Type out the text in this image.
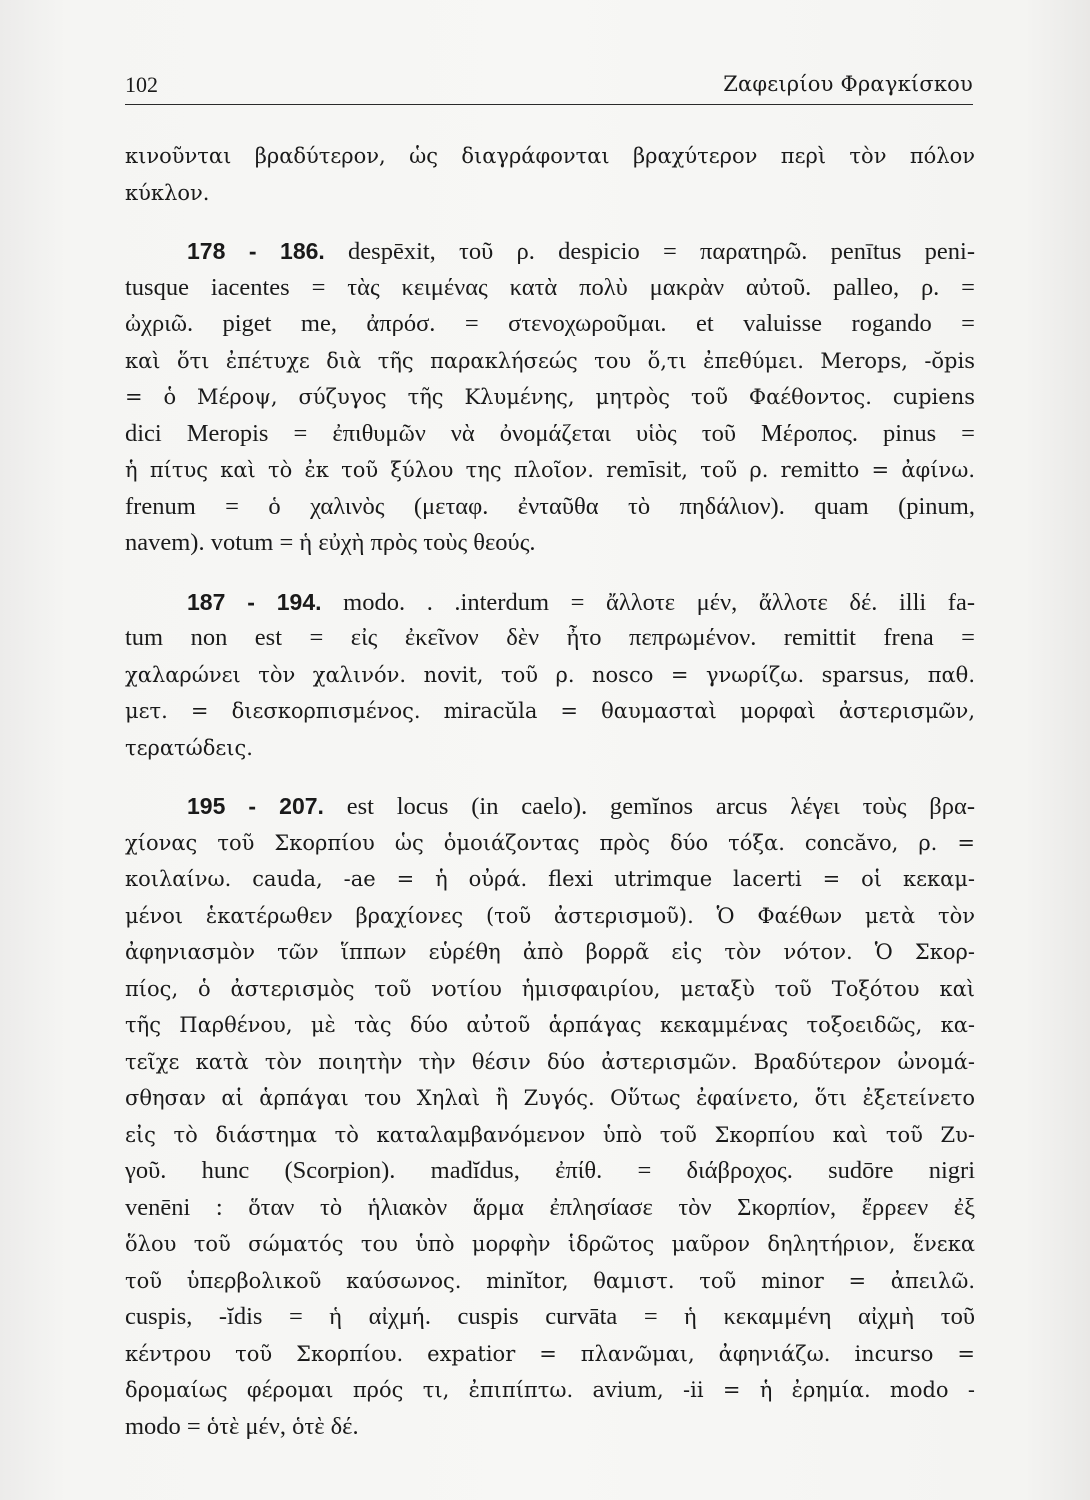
102	Ζαφειρίου Φραγκίσκου
κινοῦνται βραδύτερον, ὡς διαγράφονται βραχύτερον περὶ τὸν πόλον
κύκλον.
178 - 186. despēxit, τοῦ ρ. despicio = παρατηρῶ. penītus peni-
tusque iacentes = τὰς κειμένας κατὰ πολὺ μακρὰν αὐτοῦ. palleo, ρ. =
ὠχριῶ. piget me, ἀπρόσ. = στενοχωροῦμαι. et valuisse rogando =
καὶ ὅτι ἐπέτυχε διὰ τῆς παρακλήσεώς του ὅ,τι ἐπεθύμει. Merops, -ŏpis
= ὁ Μέροψ, σύζυγος τῆς Κλυμένης, μητρὸς τοῦ Φαέθοντος. cupiens
dici Meropis = ἐπιθυμῶν νὰ ὀνομάζεται υἱὸς τοῦ Μέροπος. pinus =
ἡ πίτυς καὶ τὸ ἐκ τοῦ ξύλου της πλοῖον. remīsit, τοῦ ρ. remitto = ἀφίνω.
frenum = ὁ χαλινὸς (μεταφ. ἐνταῦθα τὸ πηδάλιον). quam (pinum,
navem). votum = ἡ εὐχὴ πρὸς τοὺς θεούς.
187 - 194. modo. . .interdum = ἄλλοτε μέν, ἄλλοτε δέ. illi fa-
tum non est = εἰς ἐκεῖνον δὲν ἦτο πεπρωμένον. remittit frena =
χαλαρώνει τὸν χαλινόν. novit, τοῦ ρ. nosco = γνωρίζω. sparsus, παθ.
μετ. = διεσκορπισμένος. miracŭla = θαυμασταὶ μορφαὶ ἀστερισμῶν,
τερατώδεις.
195 - 207. est locus (in caelo). gemĭnos arcus λέγει τοὺς βρα-
χίονας τοῦ Σκορπίου ὡς ὁμοιάζοντας πρὸς δύο τόξα. concăvo, ρ. =
κοιλαίνω. cauda, -ae = ἡ οὐρά. flexi utrimque lacerti = οἱ κεκαμ-
μένοι ἑκατέρωθεν βραχίονες (τοῦ ἀστερισμοῦ). Ὁ Φαέθων μετὰ τὸν
ἀφηνιασμὸν τῶν ἵππων εὑρέθη ἀπὸ βορρᾶ εἰς τὸν νότον. Ὁ Σκορ-
πίος, ὁ ἀστερισμὸς τοῦ νοτίου ἡμισφαιρίου, μεταξὺ τοῦ Τοξότου καὶ
τῆς Παρθένου, μὲ τὰς δύο αὐτοῦ ἁρπάγας κεκαμμένας τοξοειδῶς, κα-
τεῖχε κατὰ τὸν ποιητὴν τὴν θέσιν δύο ἀστερισμῶν. Βραδύτερον ὠνομά-
σθησαν αἱ ἁρπάγαι του Χηλαὶ ἢ Ζυγός. Οὕτως ἐφαίνετο, ὅτι ἐξετείνετο
εἰς τὸ διάστημα τὸ καταλαμβανόμενον ὑπὸ τοῦ Σκορπίου καὶ τοῦ Ζυ-
γοῦ. hunc (Scorpion). madĭdus, ἐπίθ. = διάβροχος. sudōre nigri
venēni : ὅταν τὸ ἡλιακὸν ἅρμα ἐπλησίασε τὸν Σκορπίον, ἔρρεεν ἐξ
ὅλου τοῦ σώματός του ὑπὸ μορφὴν ἱδρῶτος μαῦρον δηλητήριον, ἕνεκα
τοῦ ὑπερβολικοῦ καύσωνος. minĭtor, θαμιστ. τοῦ minor = ἀπειλῶ.
cuspis, -ĭdis = ἡ αἰχμή. cuspis curvāta = ἡ κεκαμμένη αἰχμὴ τοῦ
κέντρου τοῦ Σκορπίου. expatior = πλανῶμαι, ἀφηνιάζω. incurso =
δρομαίως φέρομαι πρός τι, ἐπιπίπτω. avium, -ii = ἡ ἐρημία. modo -
modo = ὁτὲ μέν, ὁτὲ δέ.
